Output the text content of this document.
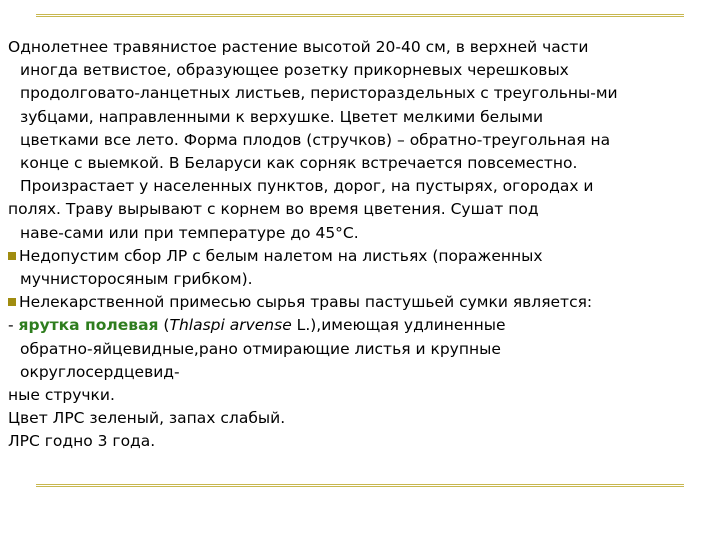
Однолетнее травянистое растение высотой 20-40 см, в верхней части
иногда ветвистое, образующее розетку прикорневых черешковых
продолговато-ланцетных листьев, перистораздельных с треугольны-ми
зубцами, направленными к верхушке. Цветет мелкими белыми
цветками все лето. Форма плодов (стручков) – обратно-треугольная на
конце с выемкой. В Беларуси как сорняк встречается повсеместно.
Произрастает у населенных пунктов, дорог, на пустырях, огородах и
полях. Траву вырывают с корнем во время цветения. Сушат под
наве-сами или при температуре до 45°С.
Недопустим сбор ЛР с белым налетом на листьях (пораженных
мучнисторосяным грибком).
Нелекарственной примесью сырья травы пастушьей сумки является:
- ярутка полевая (Thlaspi arvense L.),имеющая удлиненные
обратно-яйцевидные,рано отмирающие листья и крупные
округлосердцевид-
ные стручки.
Цвет ЛРС зеленый, запах слабый.
ЛРС годно 3 года.
